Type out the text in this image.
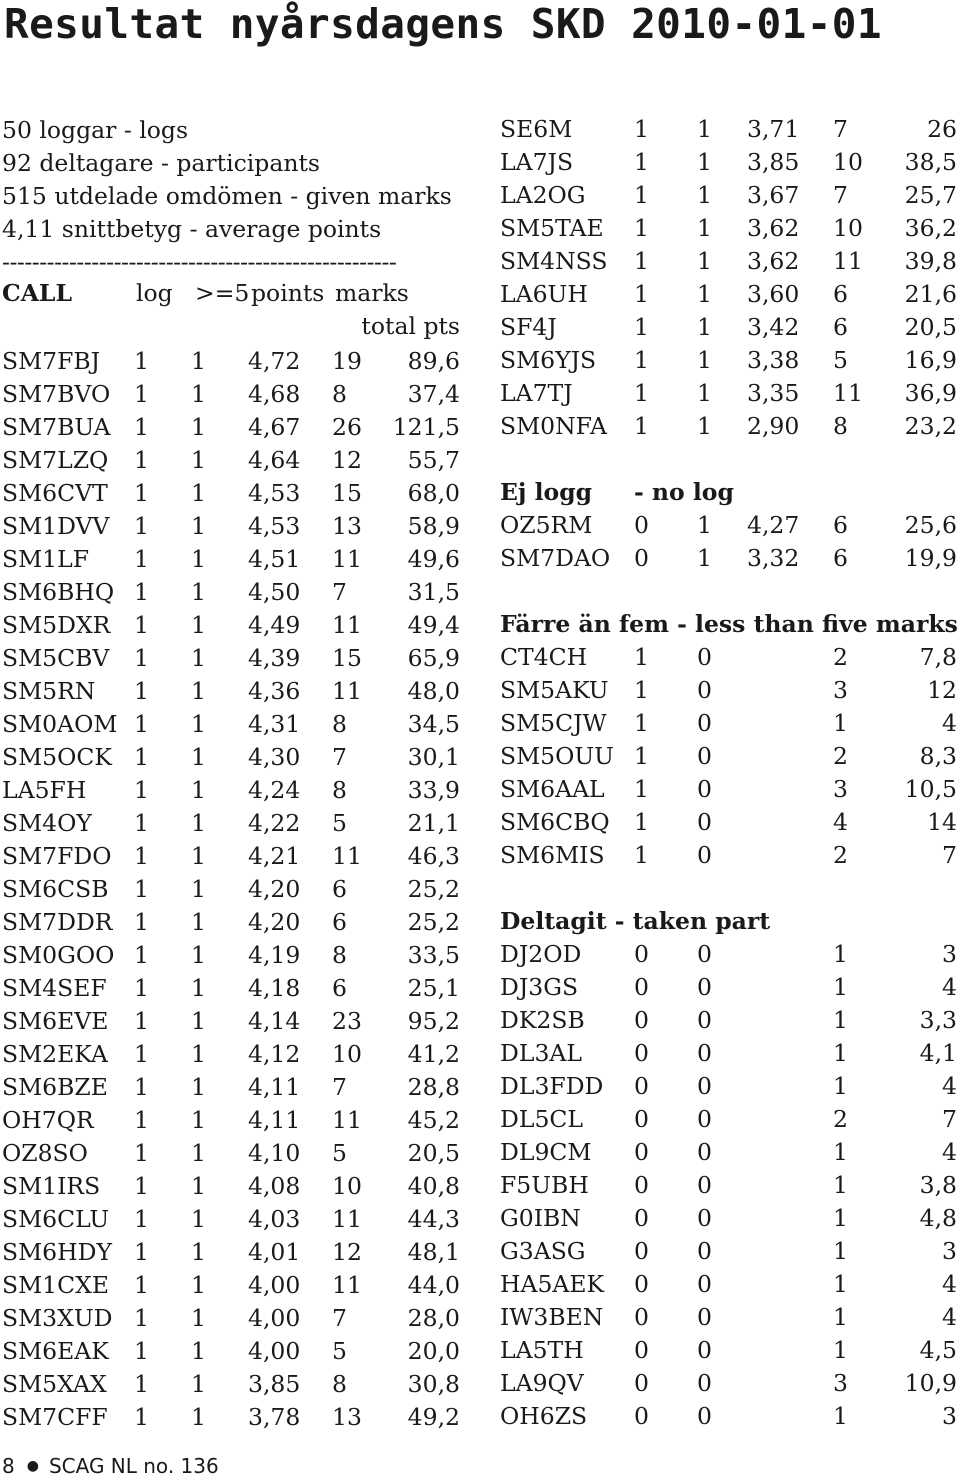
Resultat nyårsdagens SKD 2010-01-01
50 loggar - logs
92 deltagare - participants
515 utdelade omdömen - given marks
4,11 snittbetyg - average points
-----------------------------------------------------
CALL	log >=5 points marks
total pts
SM7FBJ	1	1	4,72	19	89,6
SM7BVO	1	1	4,68	8	37,4
SM7BUA	1	1	4,67	26	121,5
SM7LZQ	1	1	4,64	12	55,7
SM6CVT	1	1	4,53	15	68,0
SM1DVV	1	1	4,53	13	58,9
SM1LF	1	1	4,51	11	49,6
SM6BHQ	1	1	4,50	7	31,5
SM5DXR	1	1	4,49	11	49,4
SM5CBV	1	1	4,39	15	65,9
SM5RN	1	1	4,36	11	48,0
SM0AOM	1	1	4,31	8	34,5
SM5OCK	1	1	4,30	7	30,1
LA5FH	1	1	4,24	8	33,9
SM4OY	1	1	4,22	5	21,1
SM7FDO	1	1	4,21	11	46,3
SM6CSB	1	1	4,20	6	25,2
SM7DDR	1	1	4,20	6	25,2
SM0GOO	1	1	4,19	8	33,5
SM4SEF	1	1	4,18	6	25,1
SM6EVE	1	1	4,14	23	95,2
SM2EKA	1	1	4,12	10	41,2
SM6BZE	1	1	4,11	7	28,8
OH7QR	1	1	4,11	11	45,2
OZ8SO	1	1	4,10	5	20,5
SM1IRS	1	1	4,08	10	40,8
SM6CLU	1	1	4,03	11	44,3
SM6HDY	1	1	4,01	12	48,1
SM1CXE	1	1	4,00	11	44,0
SM3XUD	1	1	4,00	7	28,0
SM6EAK	1	1	4,00	5	20,0
SM5XAX	1	1	3,85	8	30,8
SM7CFF	1	1	3,78	13	49,2
SE6M	1	1	3,71	7	26
LA7JS	1	1	3,85	10	38,5
LA2OG	1	1	3,67	7	25,7
SM5TAE	1	1	3,62	10	36,2
SM4NSS	1	1	3,62	11	39,8
LA6UH	1	1	3,60	6	21,6
SF4J	1	1	3,42	6	20,5
SM6YJS	1	1	3,38	5	16,9
LA7TJ	1	1	3,35	11	36,9
SM0NFA	1	1	2,90	8	23,2
Ej logg - no log
OZ5RM	0	1	4,27	6	25,6
SM7DAO	0	1	3,32	6	19,9
Färre än fem - less than five marks
CT4CH	1	0		2	7,8
SM5AKU	1	0		3	12
SM5CJW	1	0		1	4
SM5OUU	1	0		2	8,3
SM6AAL	1	0		3	10,5
SM6CBQ	1	0		4	14
SM6MIS	1	0		2	7
Deltagit - taken part
DJ2OD	0	0		1	3
DJ3GS	0	0		1	4
DK2SB	0	0		1	3,3
DL3AL	0	0		1	4,1
DL3FDD	0	0		1	4
DL5CL	0	0		2	7
DL9CM	0	0		1	4
F5UBH	0	0		1	3,8
G0IBN	0	0		1	4,8
G3ASG	0	0		1	3
HA5AEK	0	0		1	4
IW3BEN	0	0		1	4
LA5TH	0	0		1	4,5
LA9QV	0	0		3	10,9
OH6ZS	0	0		1	3
8 ● SCAG NL no. 136
